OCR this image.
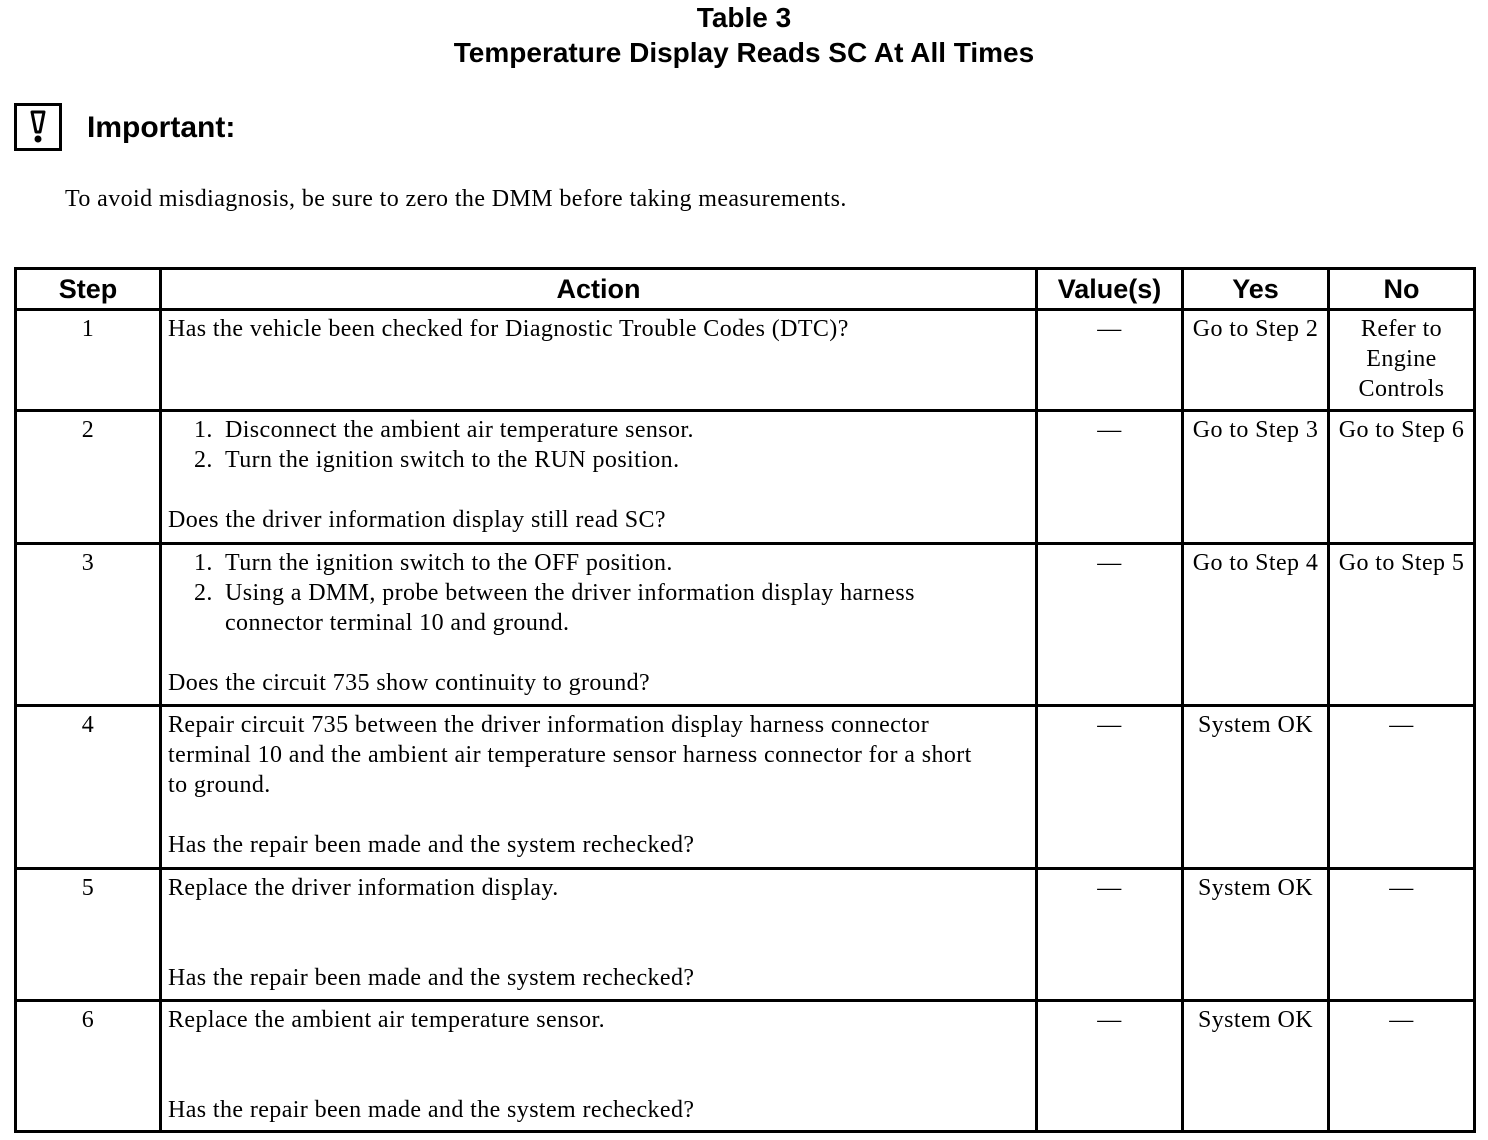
Table 3
Temperature Display Reads SC At All Times
Important:
To avoid misdiagnosis, be sure to zero the DMM before taking measurements.
Step	Action	Value(s)	Yes	No
1	Has the vehicle been checked for Diagnostic Trouble Codes (DTC)?	—	Go to Step 2	Refer to Engine Controls
2	1. Disconnect the ambient air temperature sensor.
2. Turn the ignition switch to the RUN position.
Does the driver information display still read SC?	—	Go to Step 3	Go to Step 6
3	1. Turn the ignition switch to the OFF position.
2. Using a DMM, probe between the driver information display harness connector terminal 10 and ground.
Does the circuit 735 show continuity to ground?	—	Go to Step 4	Go to Step 5
4	Repair circuit 735 between the driver information display harness connector terminal 10 and the ambient air temperature sensor harness connector for a short to ground.
Has the repair been made and the system rechecked?	—	System OK	—
5	Replace the driver information display.
Has the repair been made and the system rechecked?	—	System OK	—
6	Replace the ambient air temperature sensor.
Has the repair been made and the system rechecked?	—	System OK	—
